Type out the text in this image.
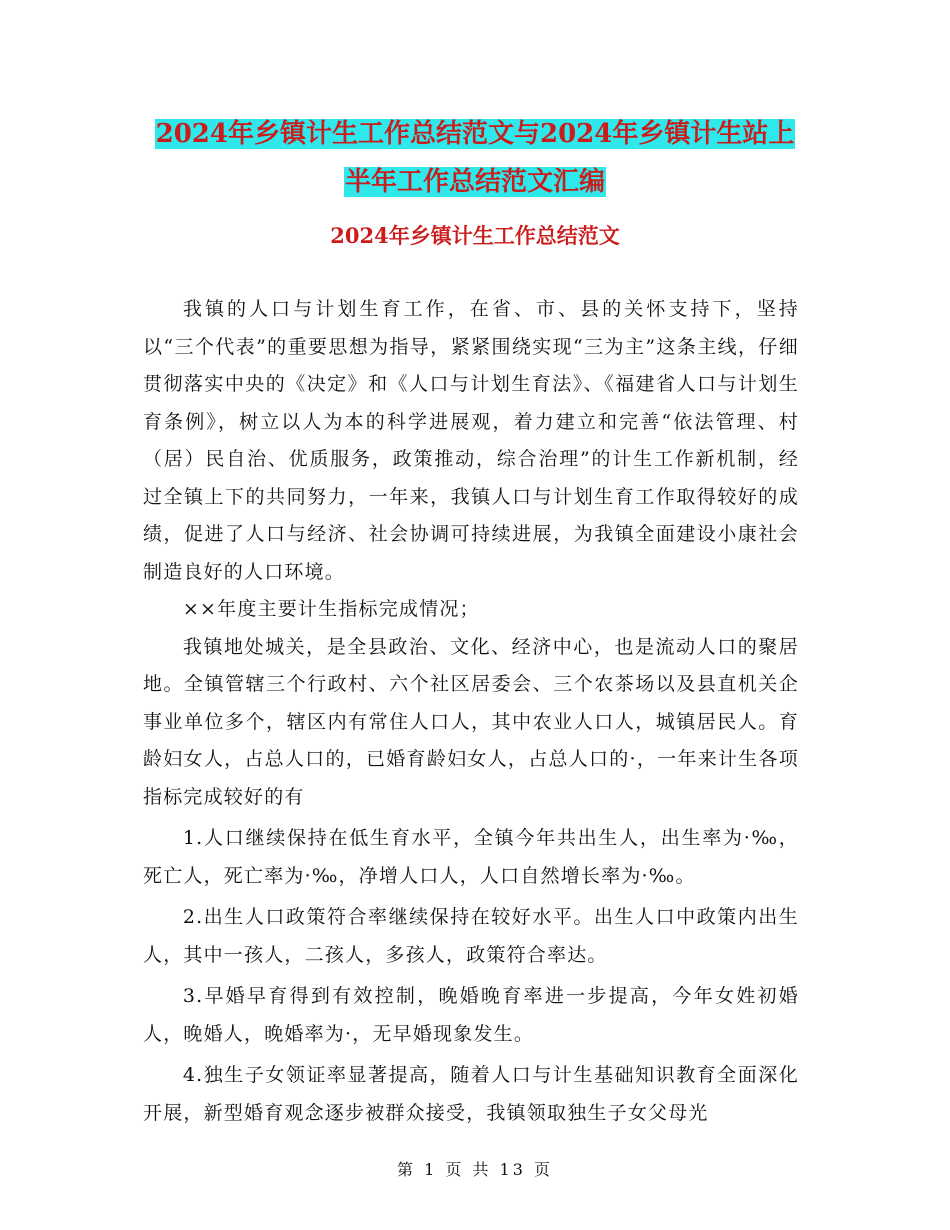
2024年乡镇计生工作总结范文与2024年乡镇计生站上
半年工作总结范文汇编
2024年乡镇计生工作总结范文

我镇的人口与计划生育工作，在省、市、县的关怀支持下，坚持以“三个代表”的重要思想为指导，紧紧围绕实现“三为主”这条主线，仔细贯彻落实中央的《决定》和《人口与计划生育法》、《福建省人口与计划生育条例》，树立以人为本的科学进展观，着力建立和完善“依法管理、村（居）民自治、优质服务，政策推动，综合治理”的计生工作新机制，经过全镇上下的共同努力，一年来，我镇人口与计划生育工作取得较好的成绩，促进了人口与经济、社会协调可持续进展，为我镇全面建设小康社会制造良好的人口环境。

××年度主要计生指标完成情况；

我镇地处城关，是全县政治、文化、经济中心，也是流动人口的聚居地。全镇管辖三个行政村、六个社区居委会、三个农茶场以及县直机关企事业单位多个，辖区内有常住人口人，其中农业人口人，城镇居民人。育龄妇女人，占总人口的，已婚育龄妇女人，占总人口的·，一年来计生各项指标完成较好的有

1.人口继续保持在低生育水平，全镇今年共出生人，出生率为·‰，死亡人，死亡率为·‰，净增人口人，人口自然增长率为·‰。

2.出生人口政策符合率继续保持在较好水平。出生人口中政策内出生人，其中一孩人，二孩人，多孩人，政策符合率达。

3.早婚早育得到有效控制，晚婚晚育率进一步提高，今年女姓初婚人，晚婚人，晚婚率为·，无早婚现象发生。

4.独生子女领证率显著提高，随着人口与计生基础知识教育全面深化开展，新型婚育观念逐步被群众接受，我镇领取独生子女父母光

第 1 页 共 13 页
